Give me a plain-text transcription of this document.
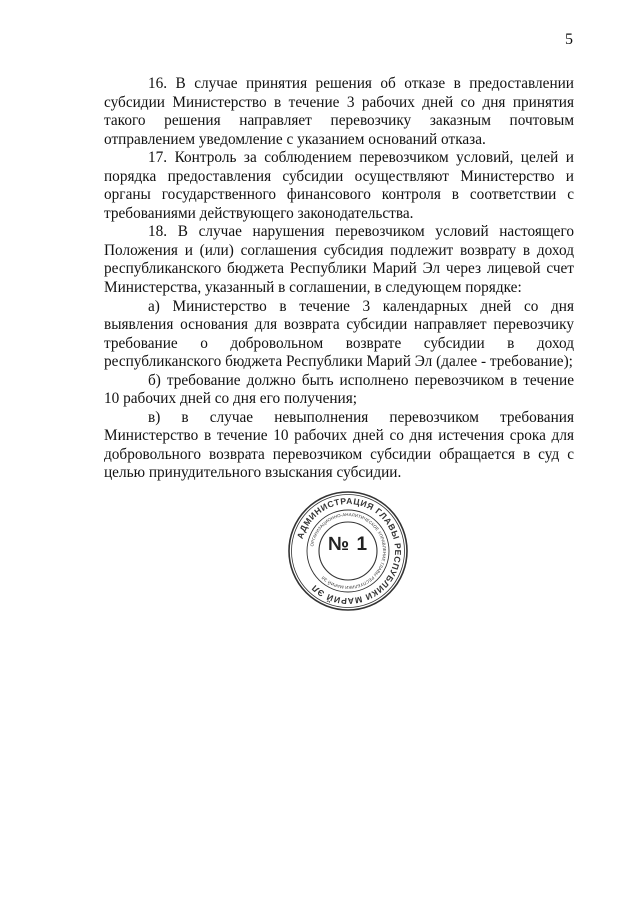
5

16. В случае принятия решения об отказе в предоставлении субсидии Министерство в течение 3 рабочих дней со дня принятия такого решения направляет перевозчику заказным почтовым отправлением уведомление с указанием оснований отказа.

17. Контроль за соблюдением перевозчиком условий, целей и порядка предоставления субсидии осуществляют Министерство и органы государственного финансового контроля в соответствии с требованиями действующего законодательства.

18. В случае нарушения перевозчиком условий настоящего Положения и (или) соглашения субсидия подлежит возврату в доход республиканского бюджета Республики Марий Эл через лицевой счет Министерства, указанный в соглашении, в следующем порядке:

а) Министерство в течение 3 календарных дней со дня выявления основания для возврата субсидии направляет перевозчику требование о добровольном возврате субсидии в доход республиканского бюджета Республики Марий Эл (далее - требование);

б) требование должно быть исполнено перевозчиком в течение 10 рабочих дней со дня его получения;

в) в случае невыполнения перевозчиком требования Министерство в течение 10 рабочих дней со дня истечения срока для добровольного возврата перевозчиком субсидии обращается в суд с целью принудительного взыскания субсидии.

АДМИНИСТРАЦИЯ ГЛАВЫ РЕСПУБЛИКИ МАРИЙ ЭЛ
ОРГАНИЗАЦИОННО-АНАЛИТИЧЕСКОЕ УПРАВЛЕНИЕ ГЛАВЫ РЕСПУБЛИКИ МАРИЙ ЭЛ
№ 1
